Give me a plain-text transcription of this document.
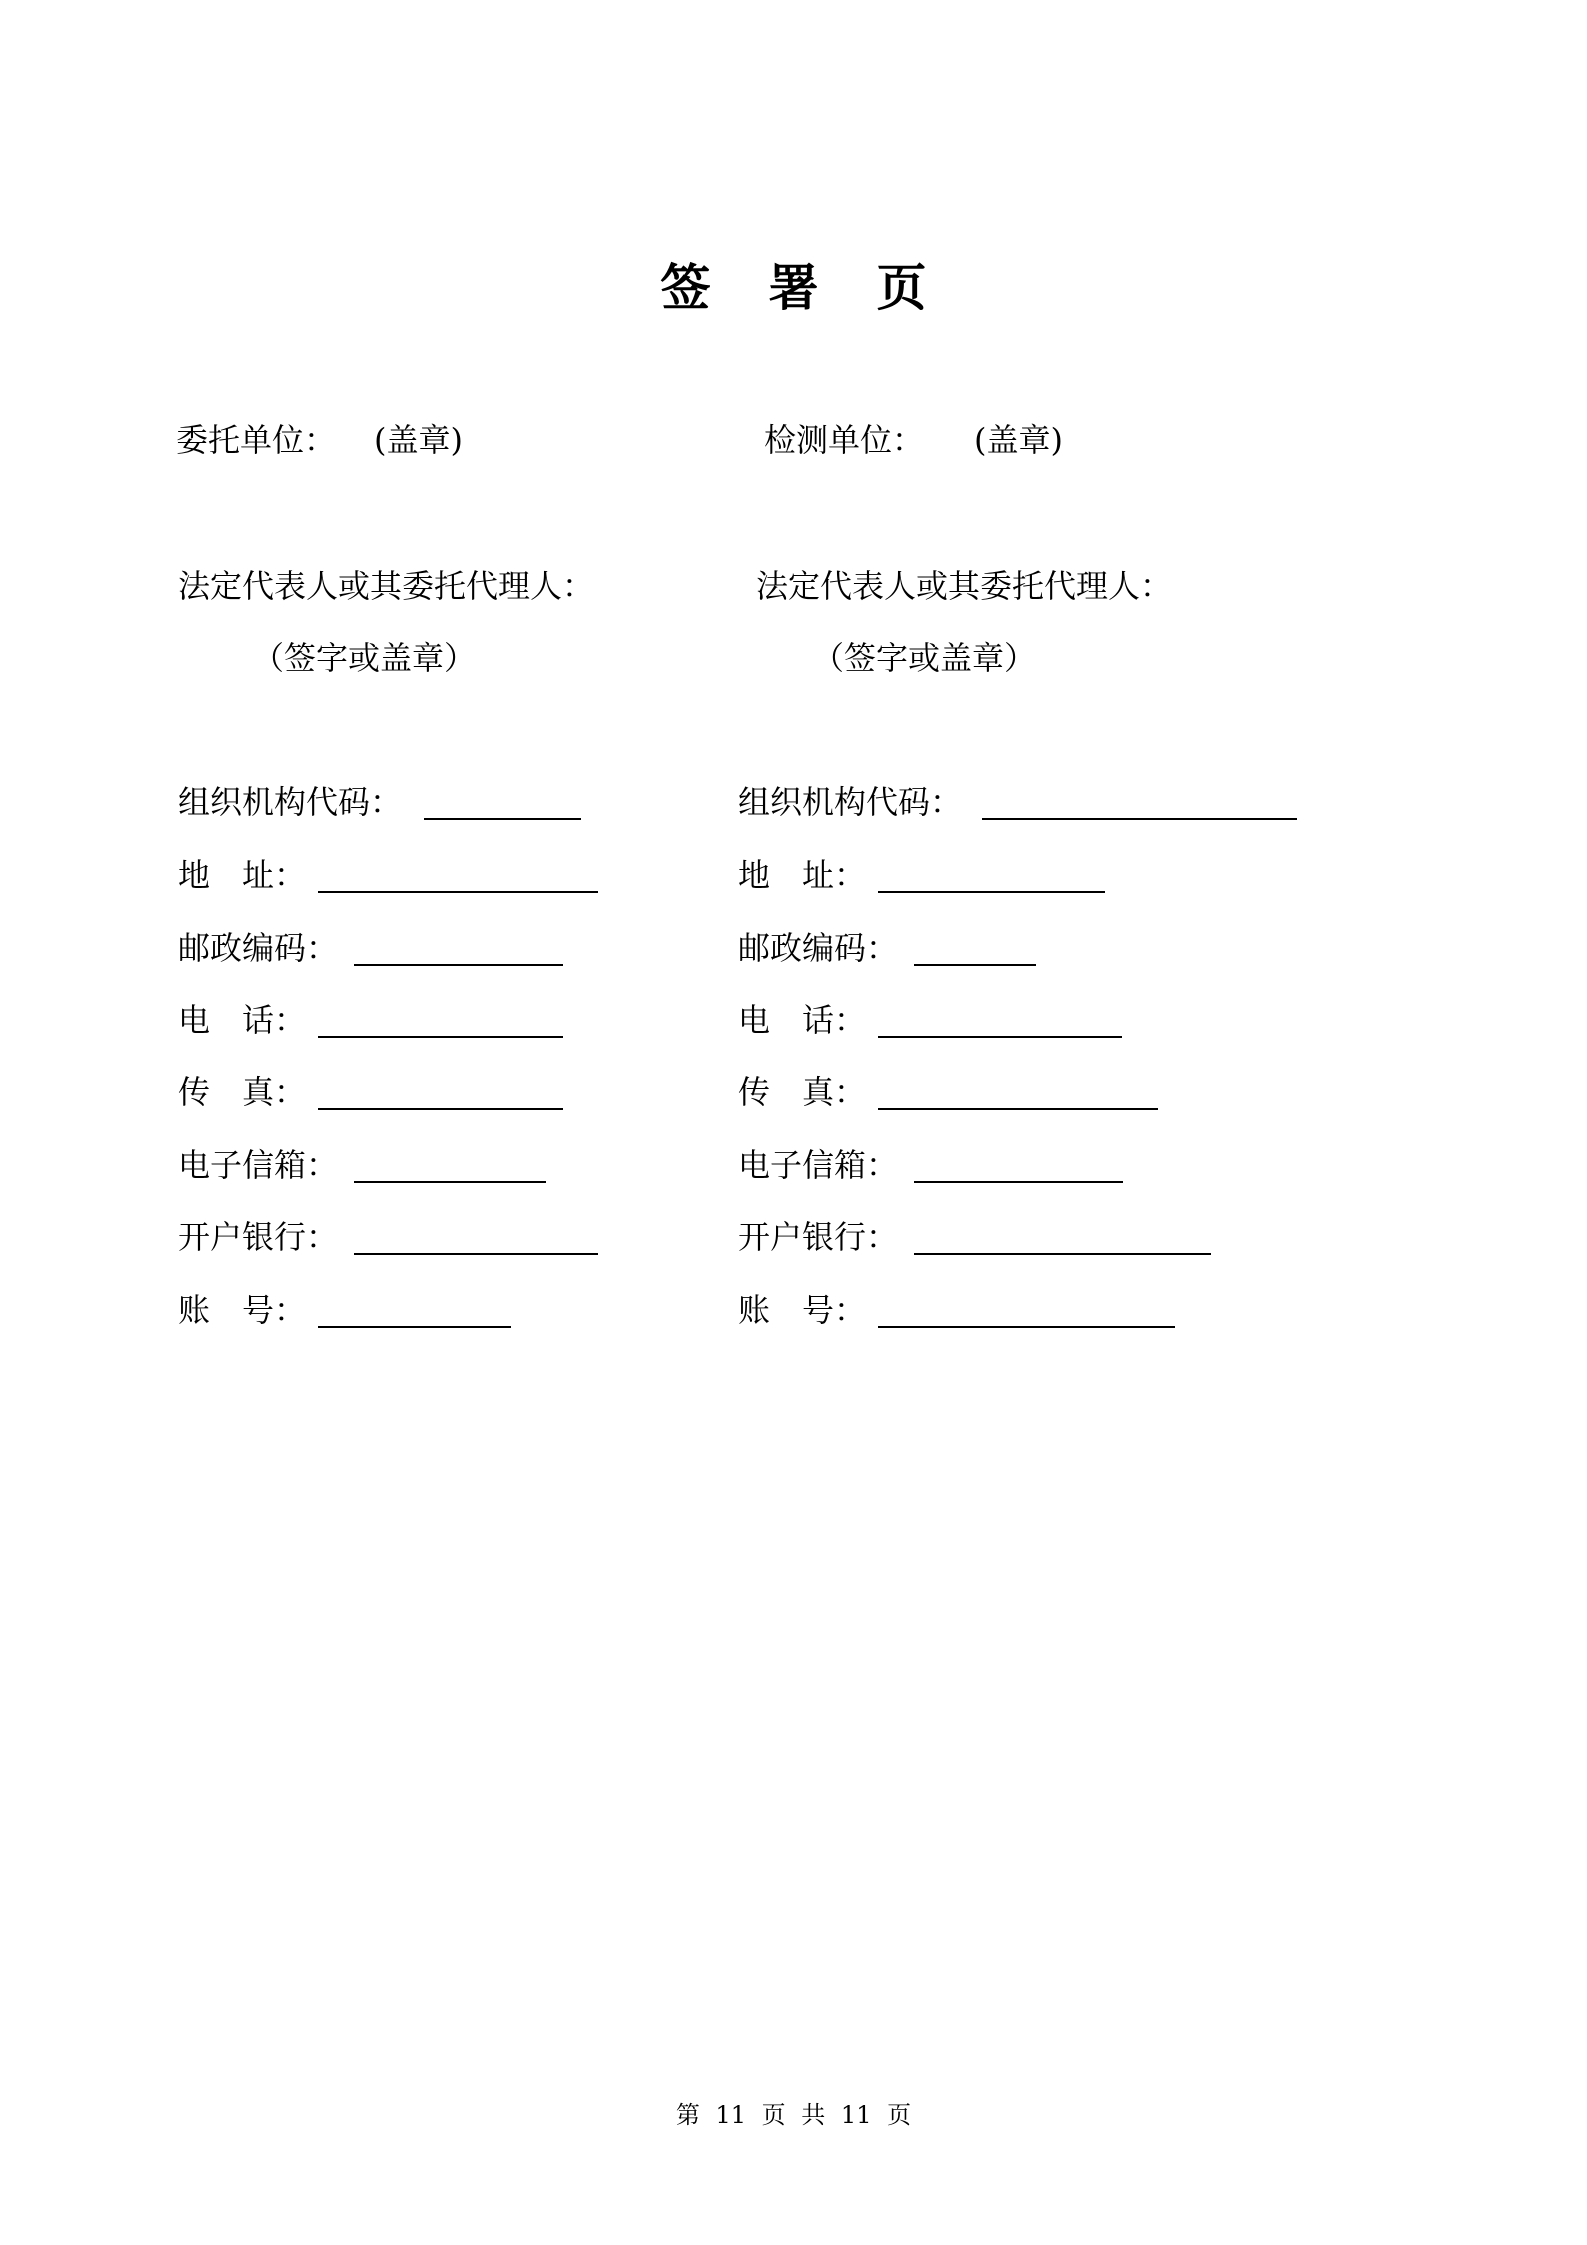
签署页
委托单位： (盖章)
法定代表人或其委托代理人：
（签字或盖章）
组织机构代码：
地　址：
邮政编码：
电　话：
传　真：
电子信箱：
开户银行：
账　号：
检测单位： (盖章)
法定代表人或其委托代理人：
（签字或盖章）
组织机构代码：
地　址：
邮政编码：
电　话：
传　真：
电子信箱：
开户银行：
账　号：
第 11 页 共 11 页
